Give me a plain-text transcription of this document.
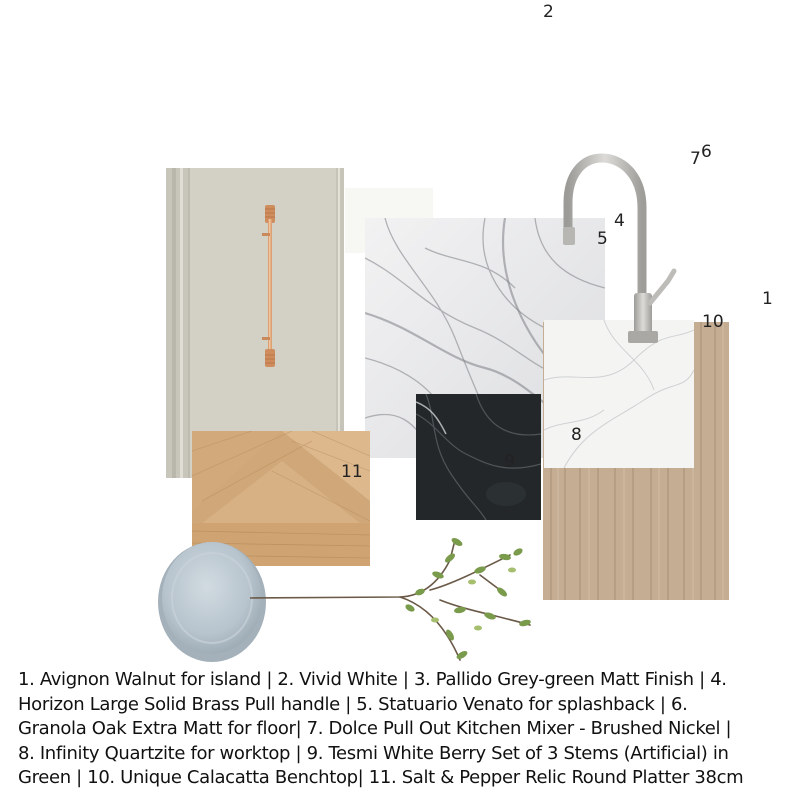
2
7 6
4
5
1
10
8
9
11
1. Avignon Walnut for island | 2. Vivid White | 3. Pallido Grey-green Matt Finish | 4.
Horizon Large Solid Brass Pull handle | 5. Statuario Venato for splashback | 6.
Granola Oak Extra Matt for floor| 7. Dolce Pull Out Kitchen Mixer - Brushed Nickel |
8. Infinity Quartzite for worktop | 9. Tesmi White Berry Set of 3 Stems (Artificial) in
Green | 10. Unique Calacatta Benchtop| 11. Salt & Pepper Relic Round Platter 38cm
